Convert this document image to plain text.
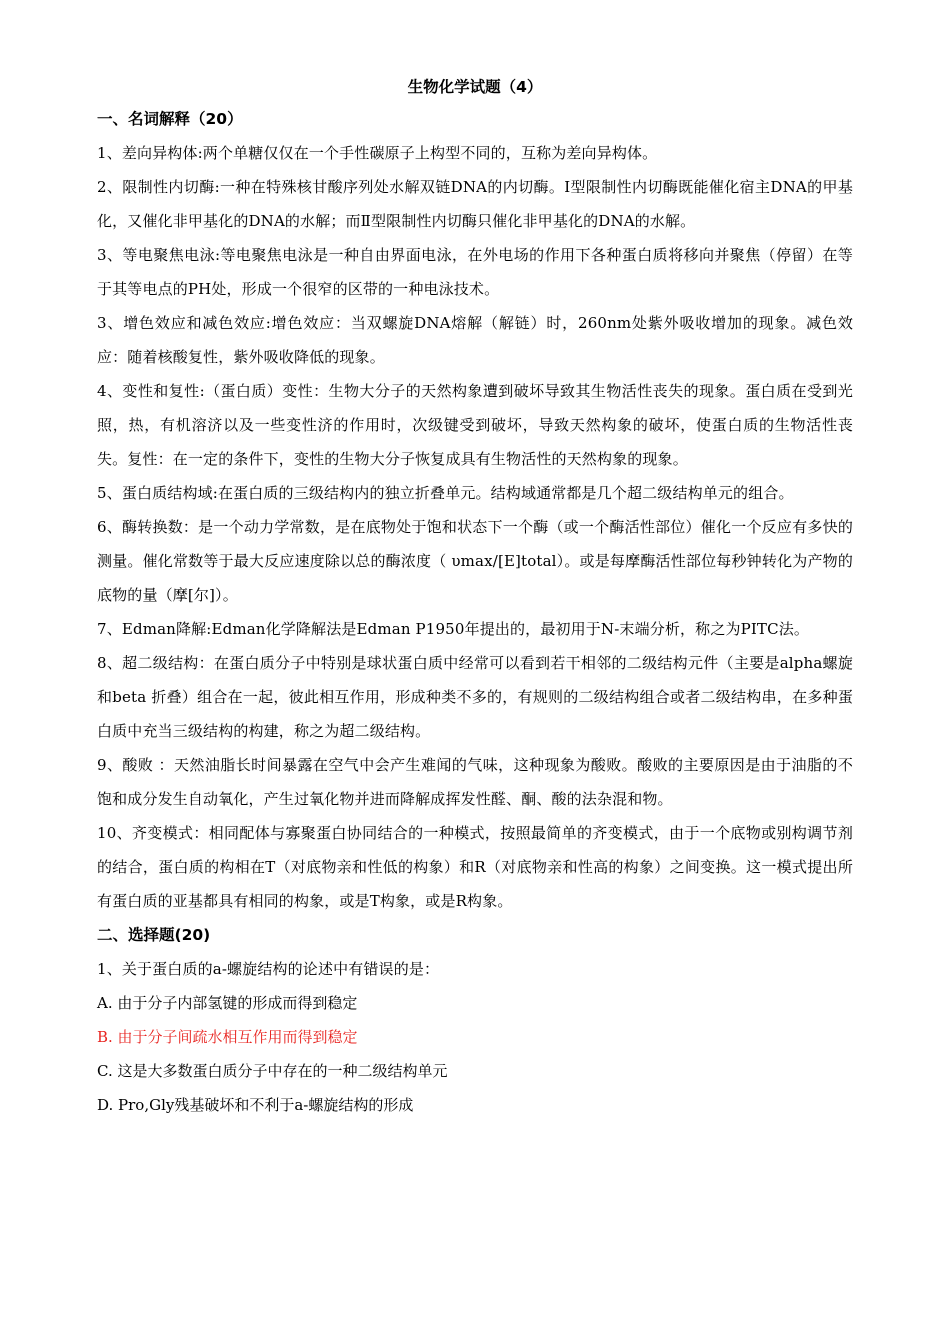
生物化学试题（4）

一、名词解释（20）

1、差向异构体:两个单糖仅仅在一个手性碳原子上构型不同的，互称为差向异构体。

2、限制性内切酶:一种在特殊核甘酸序列处水解双链DNA的内切酶。Ⅰ型限制性内切酶既能催化宿主DNA的甲基化，又催化非甲基化的DNA的水解；而Ⅱ型限制性内切酶只催化非甲基化的DNA的水解。

3、等电聚焦电泳:等电聚焦电泳是一种自由界面电泳，在外电场的作用下各种蛋白质将移向并聚焦（停留）在等于其等电点的PH处，形成一个很窄的区带的一种电泳技术。

3、增色效应和减色效应:增色效应：当双螺旋DNA熔解（解链）时，260nm处紫外吸收增加的现象。减色效应：随着核酸复性，紫外吸收降低的现象。

4、变性和复性:（蛋白质）变性：生物大分子的天然构象遭到破坏导致其生物活性丧失的现象。蛋白质在受到光照，热，有机溶济以及一些变性济的作用时，次级键受到破坏，导致天然构象的破坏，使蛋白质的生物活性丧失。复性：在一定的条件下，变性的生物大分子恢复成具有生物活性的天然构象的现象。

5、蛋白质结构域:在蛋白质的三级结构内的独立折叠单元。结构域通常都是几个超二级结构单元的组合。

6、酶转换数：是一个动力学常数，是在底物处于饱和状态下一个酶（或一个酶活性部位）催化一个反应有多快的测量。催化常数等于最大反应速度除以总的酶浓度（ υmax/[E]total）。或是每摩酶活性部位每秒钟转化为产物的底物的量（摩[尔]）。

7、Edman降解:Edman化学降解法是Edman P1950年提出的，最初用于N-末端分析，称之为PITC法。

8、超二级结构：在蛋白质分子中特别是球状蛋白质中经常可以看到若干相邻的二级结构元件（主要是alpha螺旋 和beta 折叠）组合在一起，彼此相互作用，形成种类不多的，有规则的二级结构组合或者二级结构串，在多种蛋白质中充当三级结构的构建，称之为超二级结构。

9、酸败 ：天然油脂长时间暴露在空气中会产生难闻的气味，这种现象为酸败。酸败的主要原因是由于油脂的不饱和成分发生自动氧化，产生过氧化物并进而降解成挥发性醛、酮、酸的法杂混和物。

10、齐变模式：相同配体与寡聚蛋白协同结合的一种模式，按照最简单的齐变模式，由于一个底物或别构调节剂的结合，蛋白质的构相在T（对底物亲和性低的构象）和R（对底物亲和性高的构象）之间变换。这一模式提出所有蛋白质的亚基都具有相同的构象，或是T构象，或是R构象。

二、选择题(20)

1、关于蛋白质的a-螺旋结构的论述中有错误的是：

A. 由于分子内部氢键的形成而得到稳定

B. 由于分子间疏水相互作用而得到稳定

C. 这是大多数蛋白质分子中存在的一种二级结构单元

D. Pro,Gly残基破坏和不利于a-螺旋结构的形成
